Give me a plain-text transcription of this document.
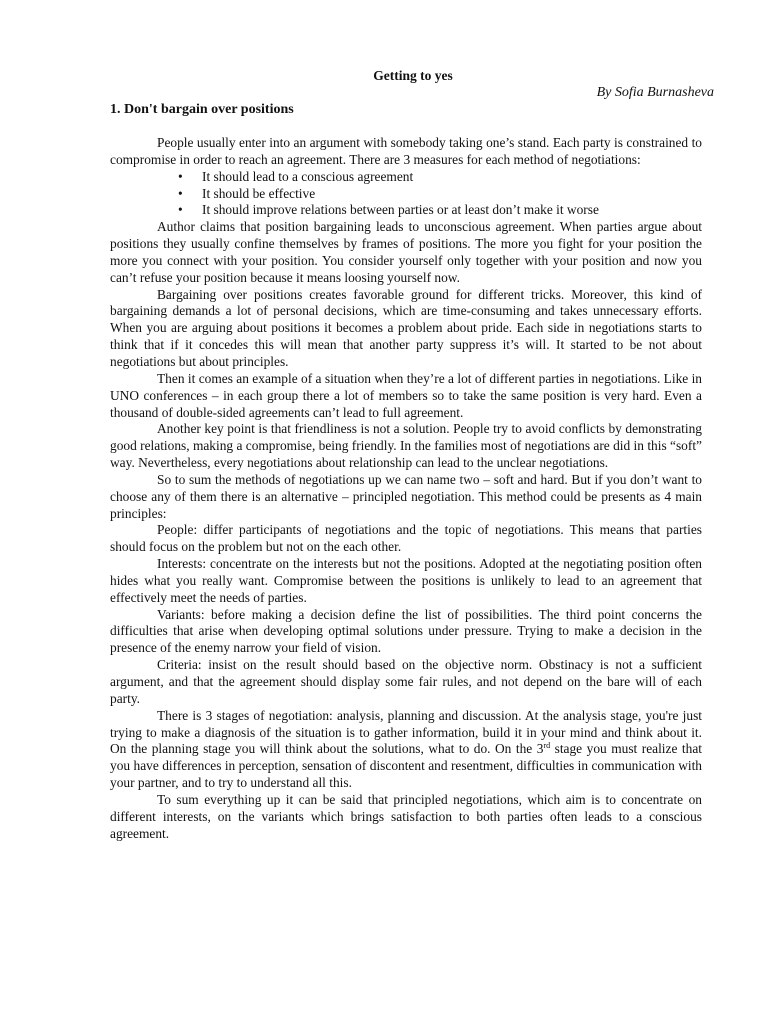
Getting to yes
By Sofia Burnasheva
1. Don't bargain over positions

People usually enter into an argument with somebody taking one’s stand. Each party is constrained to compromise in order to reach an agreement. There are 3 measures for each method of negotiations:

• It should lead to a conscious agreement
• It should be effective
• It should improve relations between parties or at least don’t make it worse

Author claims that position bargaining leads to unconscious agreement. When parties argue about positions they usually confine themselves by frames of positions. The more you fight for your position the more you connect with your position. You consider yourself only together with your position and now you can’t refuse your position because it means loosing yourself now.

Bargaining over positions creates favorable ground for different tricks. Moreover, this kind of bargaining demands a lot of personal decisions, which are time-consuming and takes unnecessary efforts. When you are arguing about positions it becomes a problem about pride. Each side in negotiations starts to think that if it concedes this will mean that another party suppress it’s will. It started to be not about negotiations but about principles.

Then it comes an example of a situation when they’re a lot of different parties in negotiations. Like in UNO conferences – in each group there a lot of members so to take the same position is very hard. Even a thousand of double-sided agreements can’t lead to full agreement.

Another key point is that friendliness is not a solution. People try to avoid conflicts by demonstrating good relations, making a compromise, being friendly. In the families most of negotiations are did in this “soft” way. Nevertheless, every negotiations about relationship can lead to the unclear negotiations.

So to sum the methods of negotiations up we can name two – soft and hard. But if you don’t want to choose any of them there is an alternative – principled negotiation. This method could be presents as 4 main principles:

People: differ participants of negotiations and the topic of negotiations. This means that parties should focus on the problem but not on the each other.

Interests: concentrate on the interests but not the positions. Adopted at the negotiating position often hides what you really want. Compromise between the positions is unlikely to lead to an agreement that effectively meet the needs of parties.

Variants: before making a decision define the list of possibilities. The third point concerns the difficulties that arise when developing optimal solutions under pressure. Trying to make a decision in the presence of the enemy narrow your field of vision.

Criteria: insist on the result should based on the objective norm. Obstinacy is not a sufficient argument, and that the agreement should display some fair rules, and not depend on the bare will of each party.

There is 3 stages of negotiation: analysis, planning and discussion. At the analysis stage, you're just trying to make a diagnosis of the situation is to gather information, build it in your mind and think about it. On the planning stage you will think about the solutions, what to do. On the 3rd stage you must realize that you have differences in perception, sensation of discontent and resentment, difficulties in communication with your partner, and to try to understand all this.

To sum everything up it can be said that principled negotiations, which aim is to concentrate on different interests, on the variants which brings satisfaction to both parties often leads to a conscious agreement.
